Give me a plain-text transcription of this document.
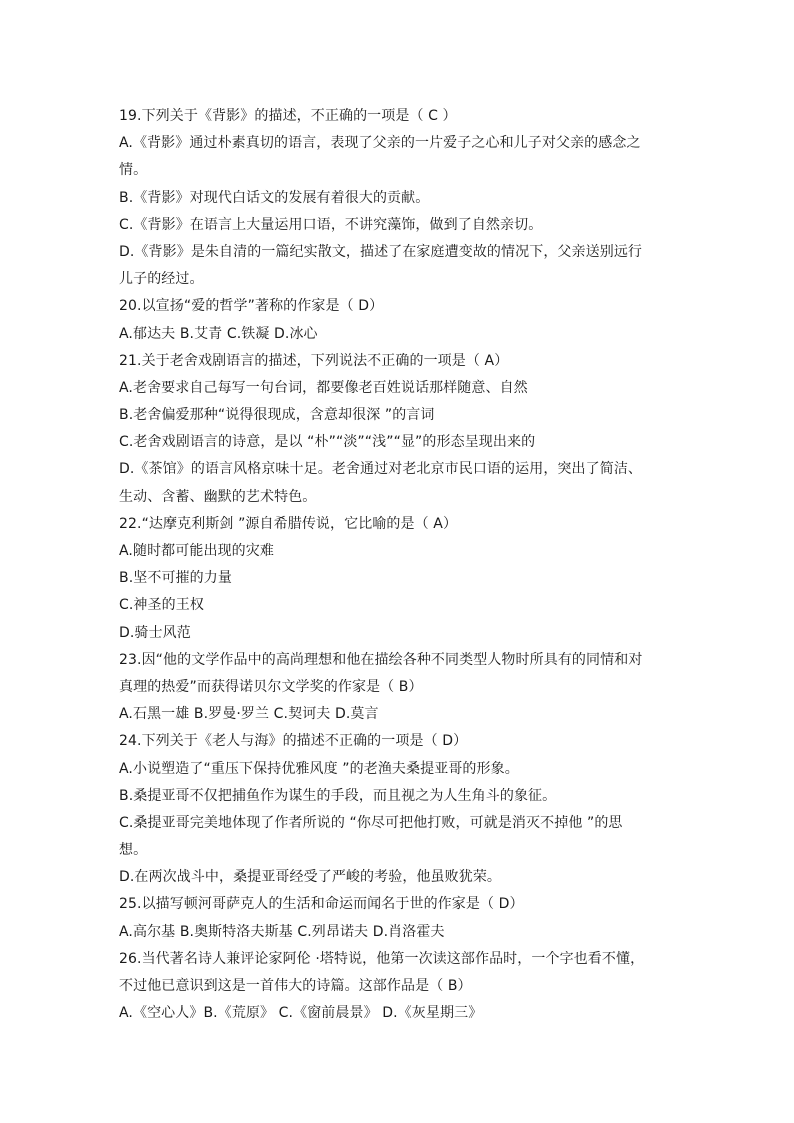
19.下列关于《背影》的描述，不正确的一项是（ C ）
A.《背影》通过朴素真切的语言，表现了父亲的一片爱子之心和儿子对父亲的感念之
情。
B.《背影》对现代白话文的发展有着很大的贡献。
C.《背影》在语言上大量运用口语，不讲究藻饰，做到了自然亲切。
D.《背影》是朱自清的一篇纪实散文，描述了在家庭遭变故的情况下，父亲送别远行
儿子的经过。
20.以宣扬“爱的哲学”著称的作家是（ D）
A.郁达夫 B.艾青 C.铁凝 D.冰心
21.关于老舍戏剧语言的描述，下列说法不正确的一项是（ A）
A.老舍要求自己每写一句台词，都要像老百姓说话那样随意、自然
B.老舍偏爱那种“说得很现成，含意却很深 ”的言词
C.老舍戏剧语言的诗意，是以 “朴”“淡”“浅”“显”的形态呈现出来的
D.《茶馆》的语言风格京味十足。老舍通过对老北京市民口语的运用，突出了简洁、
生动、含蓄、幽默的艺术特色。
22.“达摩克利斯剑 ”源自希腊传说，它比喻的是（ A）
A.随时都可能出现的灾难
B.坚不可摧的力量
C.神圣的王权
D.骑士风范
23.因“他的文学作品中的高尚理想和他在描绘各种不同类型人物时所具有的同情和对
真理的热爱”而获得诺贝尔文学奖的作家是（ B）
A.石黑一雄 B.罗曼·罗兰 C.契诃夫 D.莫言
24.下列关于《老人与海》的描述不正确的一项是（ D）
A.小说塑造了“重压下保持优雅风度 ”的老渔夫桑提亚哥的形象。
B.桑提亚哥不仅把捕鱼作为谋生的手段，而且视之为人生角斗的象征。
C.桑提亚哥完美地体现了作者所说的 “你尽可把他打败，可就是消灭不掉他 ”的思
想。
D.在两次战斗中，桑提亚哥经受了严峻的考验，他虽败犹荣。
25.以描写顿河哥萨克人的生活和命运而闻名于世的作家是（ D）
A.高尔基 B.奥斯特洛夫斯基 C.列昂诺夫 D.肖洛霍夫
26.当代著名诗人兼评论家阿伦 ·塔特说，他第一次读这部作品时，一个字也看不懂，
不过他已意识到这是一首伟大的诗篇。这部作品是（ B）
A.《空心人》B.《荒原》 C.《窗前晨景》 D.《灰星期三》
